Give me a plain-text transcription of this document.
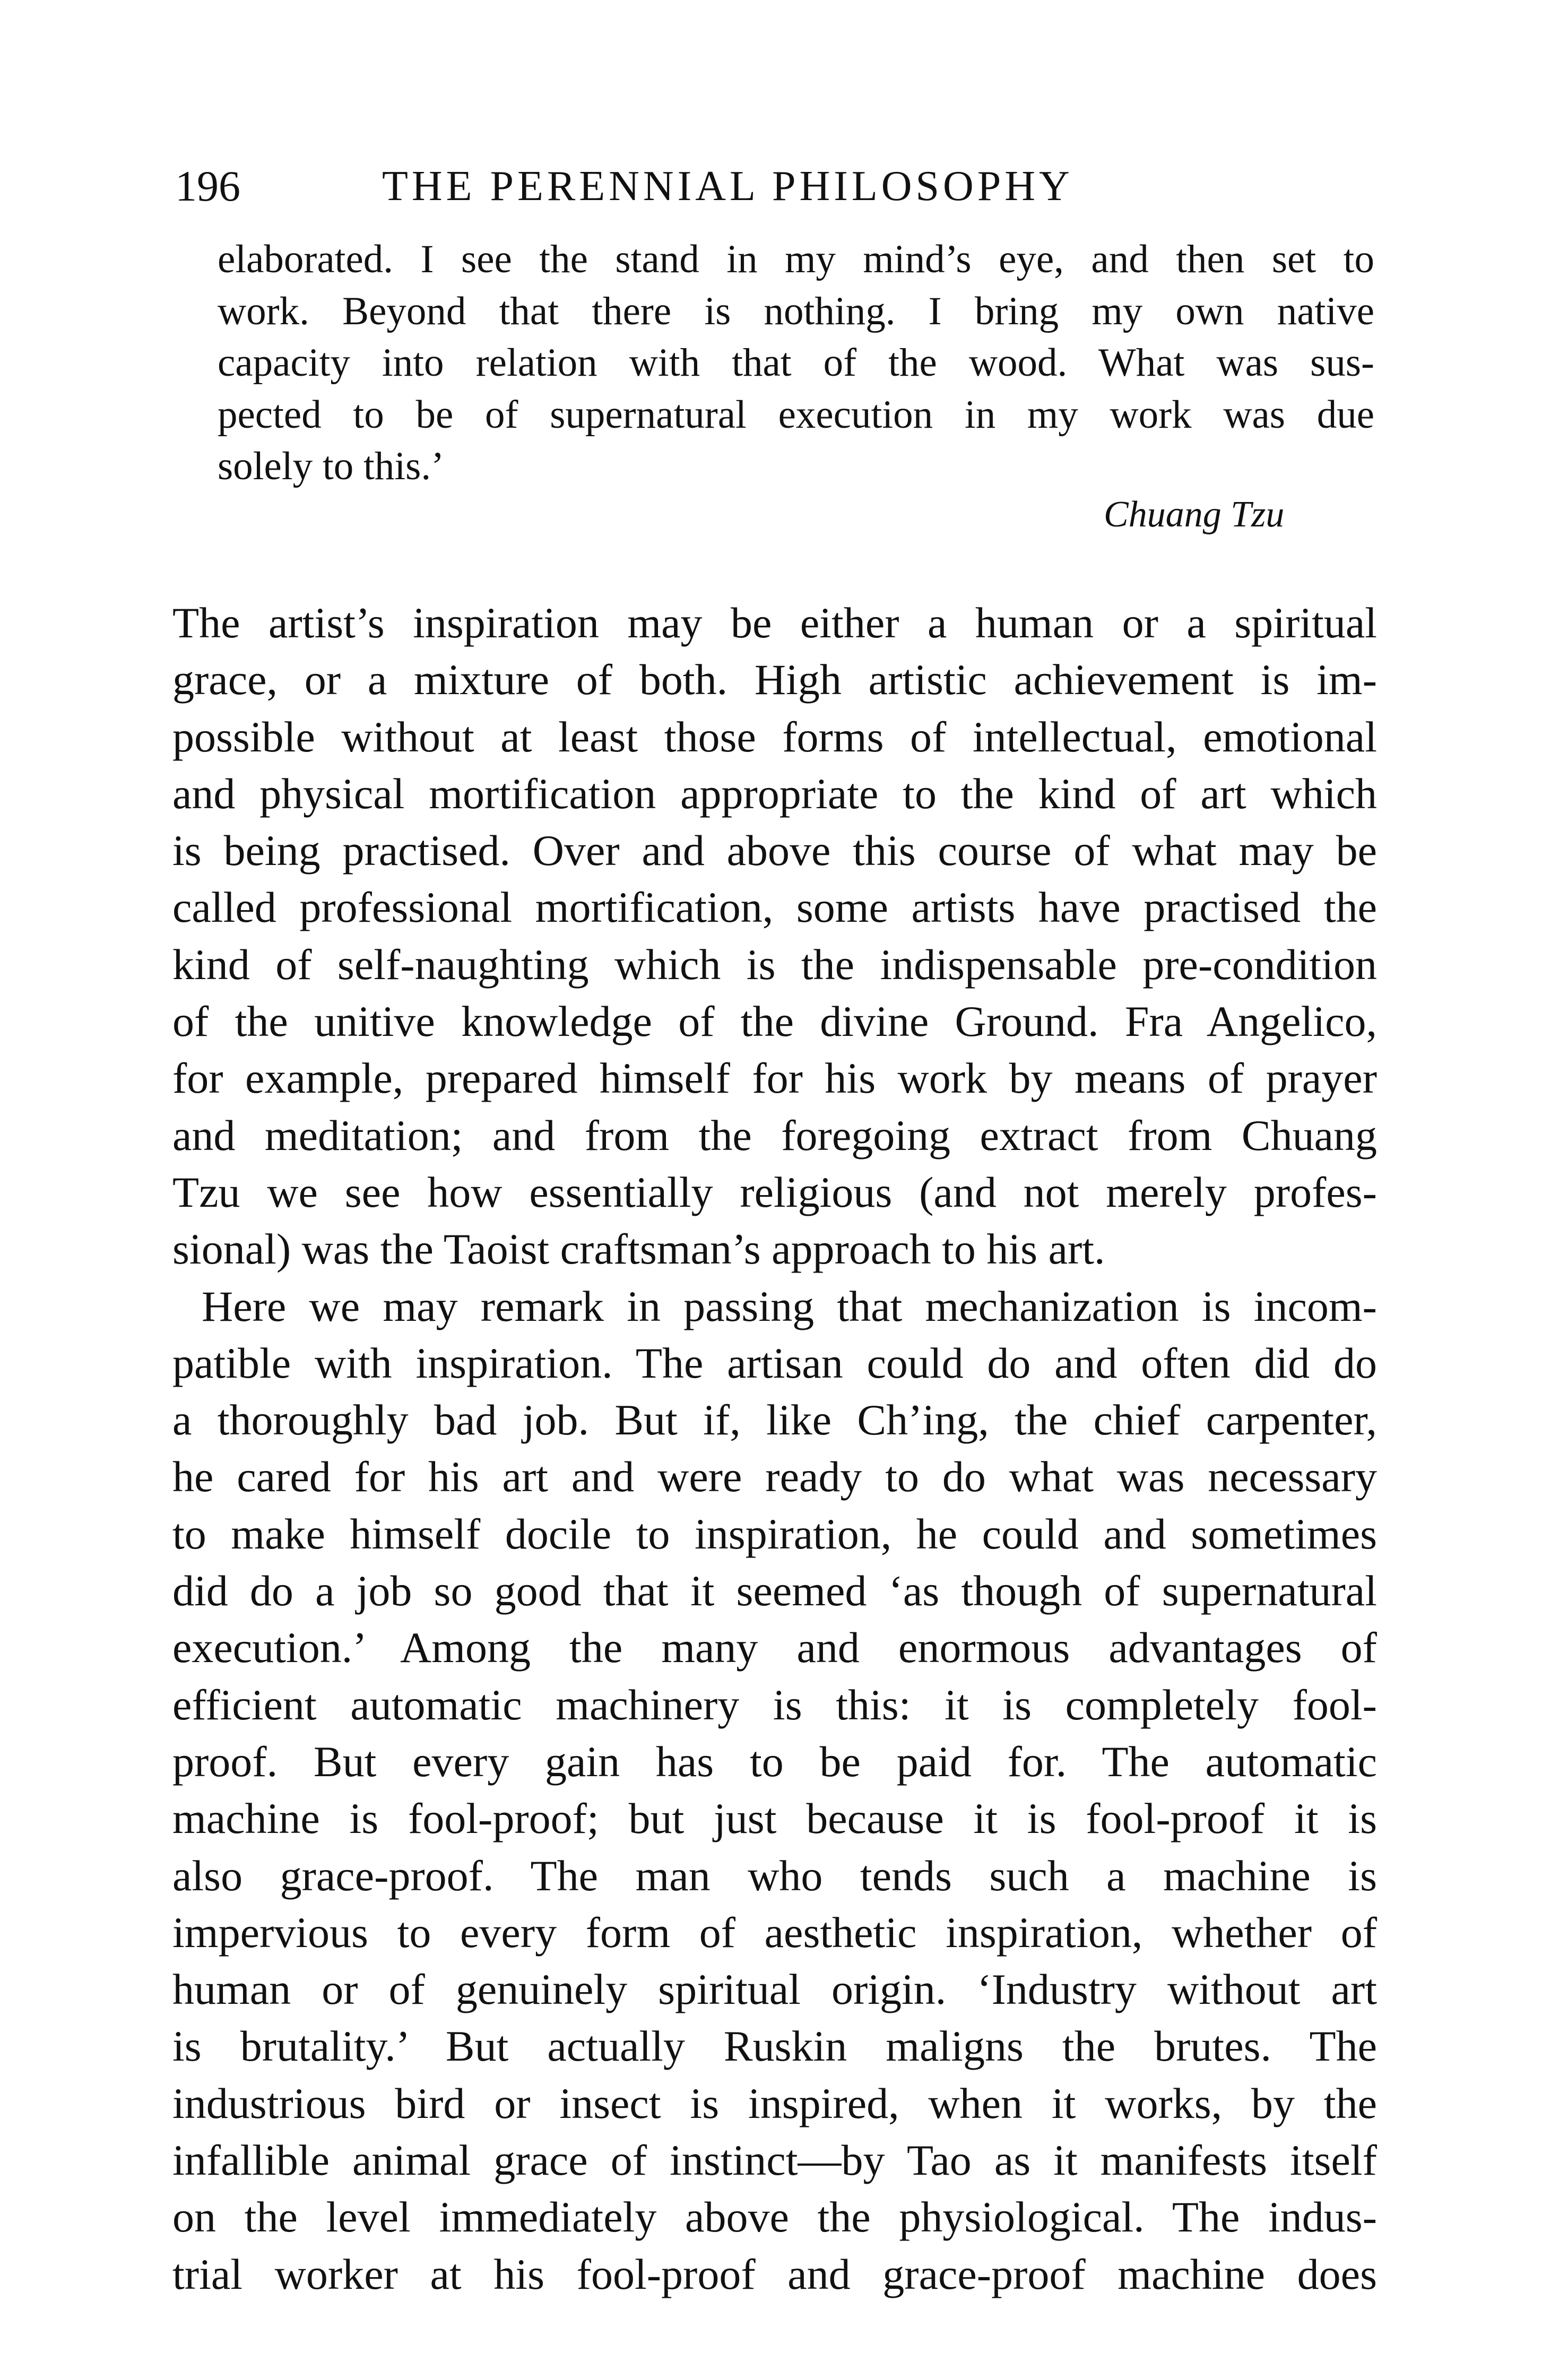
196	THE PERENNIAL PHILOSOPHY
elaborated. I see the stand in my mind’s eye, and then set to
work. Beyond that there is nothing. I bring my own native
capacity into relation with that of the wood. What was sus-
pected to be of supernatural execution in my work was due
solely to this.’
Chuang Tzu
The artist’s inspiration may be either a human or a spiritual
grace, or a mixture of both. High artistic achievement is im-
possible without at least those forms of intellectual, emotional
and physical mortification appropriate to the kind of art which
is being practised. Over and above this course of what may be
called professional mortification, some artists have practised the
kind of self-naughting which is the indispensable pre-condition
of the unitive knowledge of the divine Ground. Fra Angelico,
for example, prepared himself for his work by means of prayer
and meditation; and from the foregoing extract from Chuang
Tzu we see how essentially religious (and not merely profes-
sional) was the Taoist craftsman’s approach to his art.
Here we may remark in passing that mechanization is incom-
patible with inspiration. The artisan could do and often did do
a thoroughly bad job. But if, like Ch’ing, the chief carpenter,
he cared for his art and were ready to do what was necessary
to make himself docile to inspiration, he could and sometimes
did do a job so good that it seemed ‘as though of supernatural
execution.’ Among the many and enormous advantages of
efficient automatic machinery is this: it is completely fool-
proof. But every gain has to be paid for. The automatic
machine is fool-proof; but just because it is fool-proof it is
also grace-proof. The man who tends such a machine is
impervious to every form of aesthetic inspiration, whether of
human or of genuinely spiritual origin. ‘Industry without art
is brutality.’ But actually Ruskin maligns the brutes. The
industrious bird or insect is inspired, when it works, by the
infallible animal grace of instinct—by Tao as it manifests itself
on the level immediately above the physiological. The indus-
trial worker at his fool-proof and grace-proof machine does
